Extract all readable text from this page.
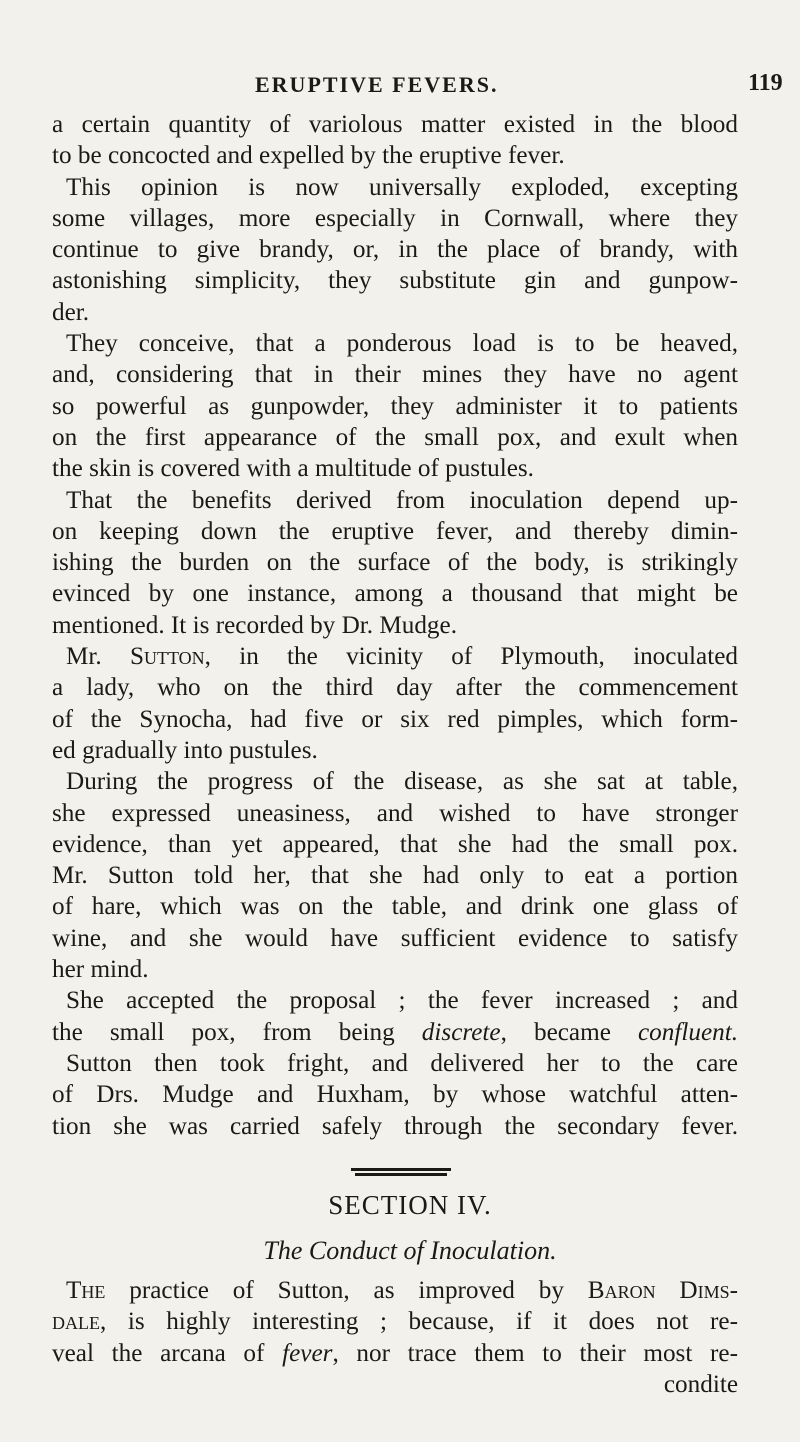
ERUPTIVE FEVERS.	119
a certain quantity of variolous matter existed in the blood
to be concocted and expelled by the eruptive fever.
This opinion is now universally exploded, excepting
some villages, more especially in Cornwall, where they
continue to give brandy, or, in the place of brandy, with
astonishing simplicity, they substitute gin and gunpow-
der.
They conceive, that a ponderous load is to be heaved,
and, considering that in their mines they have no agent
so powerful as gunpowder, they administer it to patients
on the first appearance of the small pox, and exult when
the skin is covered with a multitude of pustules.
That the benefits derived from inoculation depend up-
on keeping down the eruptive fever, and thereby dimin-
ishing the burden on the surface of the body, is strikingly
evinced by one instance, among a thousand that might be
mentioned. It is recorded by Dr. Mudge.
Mr. Sutton, in the vicinity of Plymouth, inoculated
a lady, who on the third day after the commencement
of the Synocha, had five or six red pimples, which form-
ed gradually into pustules.
During the progress of the disease, as she sat at table,
she expressed uneasiness, and wished to have stronger
evidence, than yet appeared, that she had the small pox.
Mr. Sutton told her, that she had only to eat a portion
of hare, which was on the table, and drink one glass of
wine, and she would have sufficient evidence to satisfy
her mind.
She accepted the proposal ; the fever increased ; and
the small pox, from being discrete, became confluent.
Sutton then took fright, and delivered her to the care
of Drs. Mudge and Huxham, by whose watchful atten-
tion she was carried safely through the secondary fever.
SECTION IV.
The Conduct of Inoculation.
The practice of Sutton, as improved by Baron Dims-
dale, is highly interesting ; because, if it does not re-
veal the arcana of fever, nor trace them to their most re-
condite
